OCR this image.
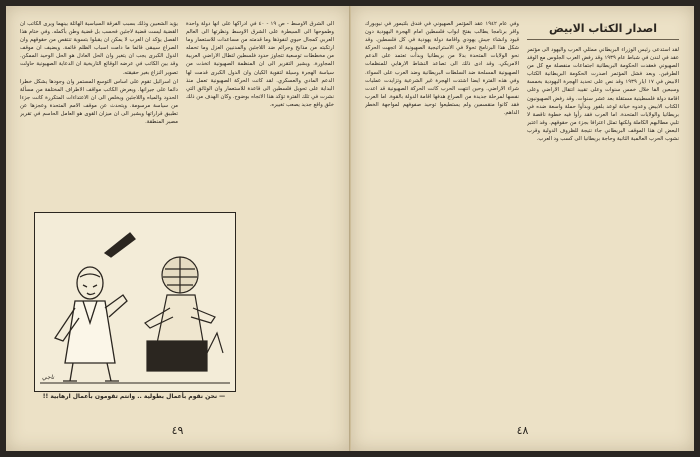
الى الشرق الاوسط - ص ١٩ - ٤٠ في ادراكها على انها دولة واحدة وطموحها الى السيطرة على الشرق الاوسط ونظرتها الى العالم العربي كمجال حيوي لنفوذها وما قدمته من مساعدات للاستعمار وما ارتكبته من مذابح وجرائم ضد اللاجئين والمدنيين العزل وما تحمله من مخططات توسعية تتجاوز حدود فلسطين لتطال الاراضي العربية المجاورة. ويشير التقرير الى ان المنظمة الصهيونية اتخذت من سياسة الهجرة وسيلة لتقوية الكيان وان الدول الكبرى قدمت لها الدعم المادي والعسكري. لقد كانت الحركة الصهيونية تعمل منذ البداية على تحويل فلسطين الى قاعدة للاستعمار وان الوثائق التي نشرت في تلك الفترة تؤكد هذا الاتجاه بوضوح. وكان الهدف من ذلك خلق واقع جديد يصعب تغييره.

يؤيد الشعبين وذلك بسبب الفرقة السياسية الهائلة بينهما ويرى الكاتب ان القضية ليست قضية لاجئين فحسب بل قضية وطن بأكمله. وفي ختام هذا الفصل يؤكد ان العرب لا يمكن ان يقبلوا بتسوية تنتقص من حقوقهم وان الصراع سيبقى قائما ما دامت اسباب الظلم قائمة. ويضيف ان موقف الدول الكبرى يجب ان يتغير وان الحل العادل هو الحل الوحيد الممكن. وقد بين الكاتب في عرضه الوقائع التاريخية ان الدعاية الصهيونية حاولت تصوير النزاع بغير حقيقته.

ان اسرائيل تقوم على اساس التوسع المستمر وان وجودها يشكل خطرا دائما على جيرانها. ويعرض الكاتب مواقف الاطراف المختلفة من مسألة الحدود والمياه واللاجئين ويخلص الى ان الاعتداءات المتكررة كانت جزءا من سياسة مرسومة. ويتحدث عن موقف الامم المتحدة وعجزها عن تطبيق قراراتها ويشير الى ان ميزان القوى هو العامل الحاسم في تقرير مصير المنطقة.

ناجي
— نحن نقوم بأعمال بطولية .. وانتم تقومون بأعمال ارهابية !!
٤٩
اصدار الكتاب الابيض

لقد استدعى رئيس الوزراء البريطاني ممثلي العرب واليهود الى مؤتمر عقد في لندن في شباط عام ١٩٣٩ وقد رفض العرب الجلوس مع الوفد الصهيوني فعقدت الحكومة البريطانية اجتماعات منفصلة مع كل من الطرفين. وبعد فشل المؤتمر اصدرت الحكومة البريطانية الكتاب الابيض في ١٧ ايار ١٩٣٩ وقد نص على تحديد الهجرة اليهودية بخمسة وسبعين الفا خلال خمس سنوات وعلى تقييد انتقال الاراضي وعلى اقامة دولة فلسطينية مستقلة بعد عشر سنوات. وقد رفض الصهيونيون الكتاب الابيض وعدوه خيانة لوعد بلفور وبدأوا حملة واسعة ضده في بريطانيا والولايات المتحدة. اما العرب فقد رأوا فيه خطوة ناقصة لا تلبي مطالبهم الكاملة ولكنها تمثل اعترافا بجزء من حقوقهم. وقد اعتبر البعض ان هذا الموقف البريطاني جاء نتيجة للظروف الدولية وقرب نشوب الحرب العالمية الثانية وحاجة بريطانيا الى كسب ود العرب.

وفي عام ١٩٤٢ عقد المؤتمر الصهيوني في فندق بلتيمور في نيويورك واقر برنامجا يطالب بفتح ابواب فلسطين امام الهجرة اليهودية دون قيود وانشاء جيش يهودي واقامة دولة يهودية في كل فلسطين. وقد شكل هذا البرنامج تحولا في الاستراتيجية الصهيونية اذ اتجهت الحركة نحو الولايات المتحدة بدلا من بريطانيا وبدأت تعتمد على الدعم الامريكي. وقد ادى ذلك الى تصاعد النشاط الارهابي للمنظمات الصهيونية المسلحة ضد السلطات البريطانية وضد العرب على السواء. وفي هذه الفترة ايضا اشتدت الهجرة غير الشرعية وتزايدت عمليات شراء الاراضي. وحين انتهت الحرب كانت الحركة الصهيونية قد اعدت نفسها لمرحلة جديدة من الصراع هدفها اقامة الدولة بالقوة. اما العرب فقد كانوا منقسمين ولم يستطيعوا توحيد صفوفهم لمواجهة الخطر الداهم.

٤٨
